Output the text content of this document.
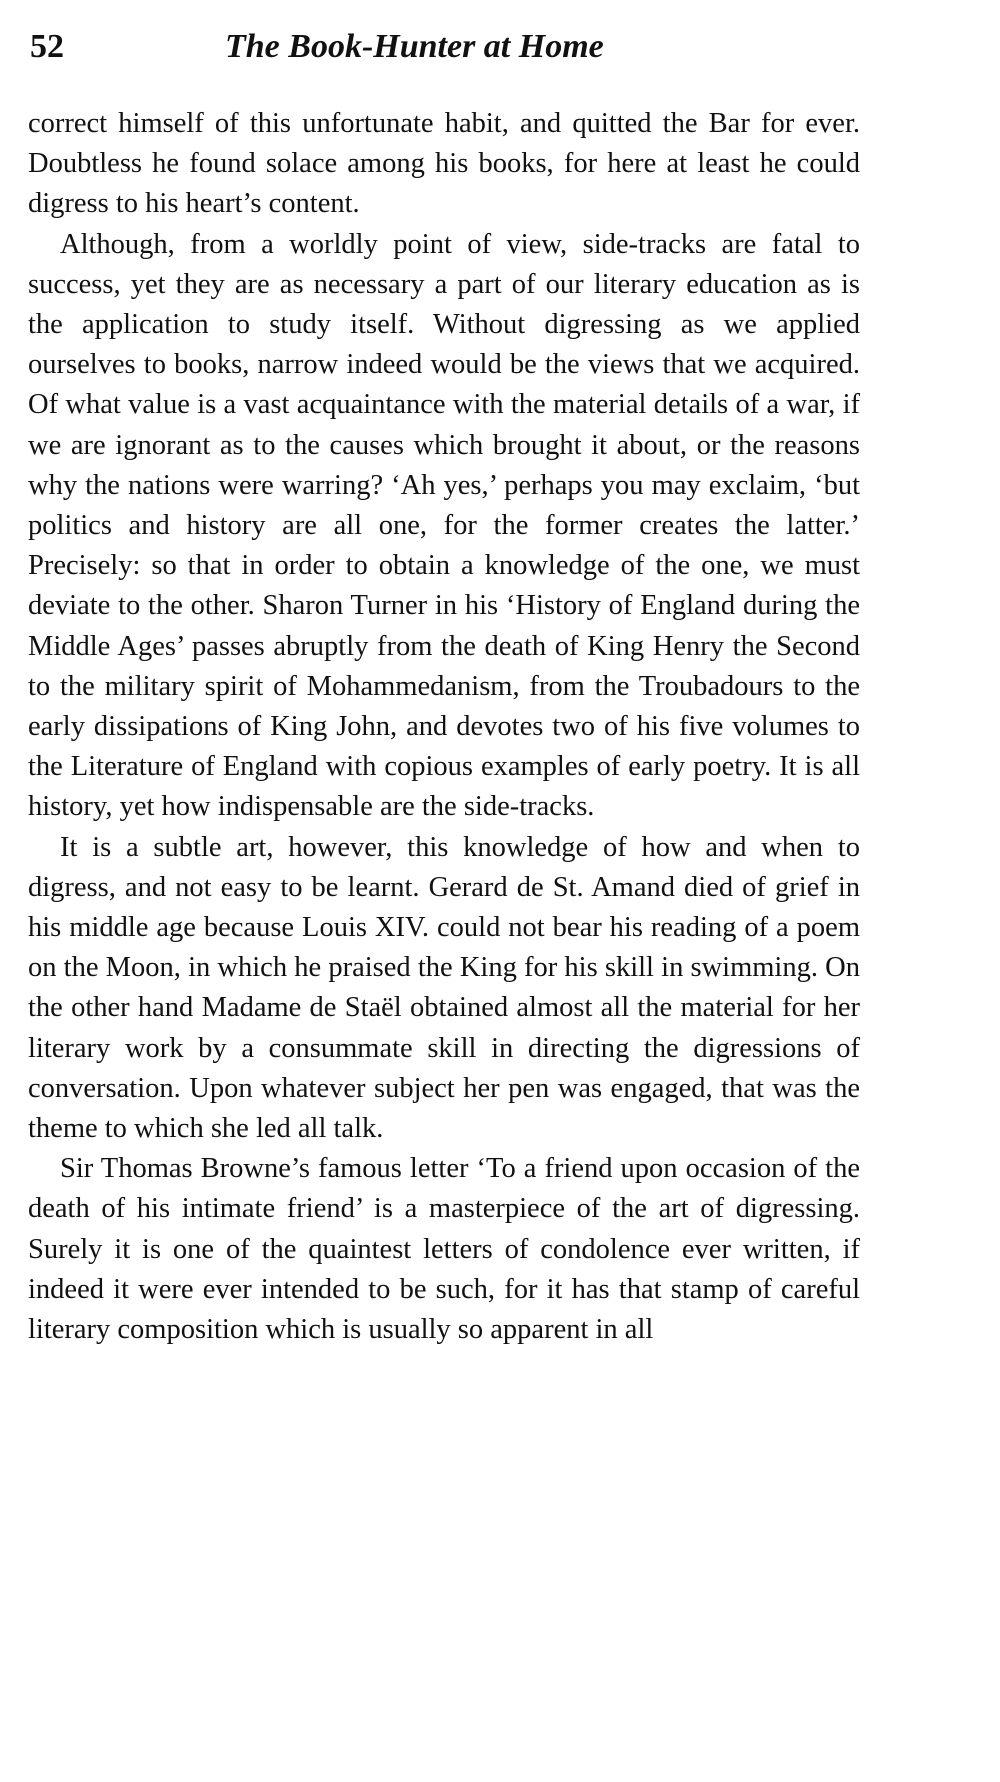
52	The Book-Hunter at Home

correct himself of this unfortunate habit, and quitted the Bar for ever. Doubtless he found solace among his books, for here at least he could digress to his heart’s content.

Although, from a worldly point of view, side-tracks are fatal to success, yet they are as necessary a part of our literary education as is the application to study itself. Without digressing as we applied ourselves to books, narrow indeed would be the views that we acquired. Of what value is a vast acquaintance with the material details of a war, if we are ignorant as to the causes which brought it about, or the reasons why the nations were warring? ‘Ah yes,’ perhaps you may exclaim, ‘but politics and history are all one, for the former creates the latter.’ Precisely: so that in order to obtain a knowledge of the one, we must deviate to the other. Sharon Turner in his ‘History of England during the Middle Ages’ passes abruptly from the death of King Henry the Second to the military spirit of Mohammedanism, from the Troubadours to the early dissipations of King John, and devotes two of his five volumes to the Literature of England with copious examples of early poetry. It is all history, yet how indispensable are the side-tracks.

It is a subtle art, however, this knowledge of how and when to digress, and not easy to be learnt. Gerard de St. Amand died of grief in his middle age because Louis XIV. could not bear his reading of a poem on the Moon, in which he praised the King for his skill in swimming. On the other hand Madame de Staël obtained almost all the material for her literary work by a consummate skill in directing the digressions of conversation. Upon whatever subject her pen was engaged, that was the theme to which she led all talk.

Sir Thomas Browne’s famous letter ‘To a friend upon occasion of the death of his intimate friend’ is a masterpiece of the art of digressing. Surely it is one of the quaintest letters of condolence ever written, if indeed it were ever intended to be such, for it has that stamp of careful literary composition which is usually so apparent in all
